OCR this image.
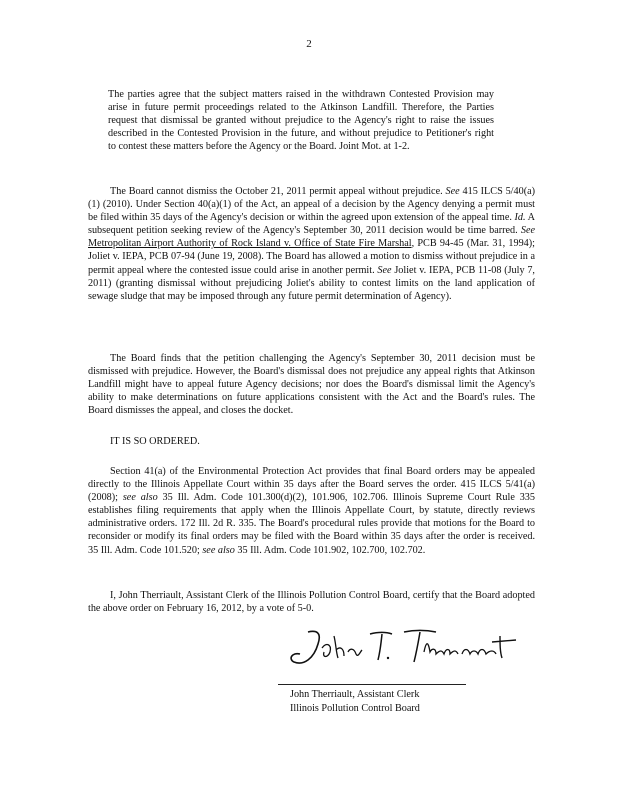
2

The parties agree that the subject matters raised in the withdrawn Contested Provision may arise in future permit proceedings related to the Atkinson Landfill. Therefore, the Parties request that dismissal be granted without prejudice to the Agency's right to raise the issues described in the Contested Provision in the future, and without prejudice to Petitioner's right to contest these matters before the Agency or the Board. Joint Mot. at 1-2.

The Board cannot dismiss the October 21, 2011 permit appeal without prejudice. See 415 ILCS 5/40(a)(1) (2010). Under Section 40(a)(1) of the Act, an appeal of a decision by the Agency denying a permit must be filed within 35 days of the Agency's decision or within the agreed upon extension of the appeal time. Id. A subsequent petition seeking review of the Agency's September 30, 2011 decision would be time barred. See Metropolitan Airport Authority of Rock Island v. Office of State Fire Marshal, PCB 94-45 (Mar. 31, 1994); Joliet v. IEPA, PCB 07-94 (June 19, 2008). The Board has allowed a motion to dismiss without prejudice in a permit appeal where the contested issue could arise in another permit. See Joliet v. IEPA, PCB 11-08 (July 7, 2011) (granting dismissal without prejudicing Joliet's ability to contest limits on the land application of sewage sludge that may be imposed through any future permit determination of Agency).

The Board finds that the petition challenging the Agency's September 30, 2011 decision must be dismissed with prejudice. However, the Board's dismissal does not prejudice any appeal rights that Atkinson Landfill might have to appeal future Agency decisions; nor does the Board's dismissal limit the Agency's ability to make determinations on future applications consistent with the Act and the Board's rules. The Board dismisses the appeal, and closes the docket.

IT IS SO ORDERED.

Section 41(a) of the Environmental Protection Act provides that final Board orders may be appealed directly to the Illinois Appellate Court within 35 days after the Board serves the order. 415 ILCS 5/41(a) (2008); see also 35 Ill. Adm. Code 101.300(d)(2), 101.906, 102.706. Illinois Supreme Court Rule 335 establishes filing requirements that apply when the Illinois Appellate Court, by statute, directly reviews administrative orders. 172 Ill. 2d R. 335. The Board's procedural rules provide that motions for the Board to reconsider or modify its final orders may be filed with the Board within 35 days after the order is received. 35 Ill. Adm. Code 101.520; see also 35 Ill. Adm. Code 101.902, 102.700, 102.702.

I, John Therriault, Assistant Clerk of the Illinois Pollution Control Board, certify that the Board adopted the above order on February 16, 2012, by a vote of 5-0.

John Therriault, Assistant Clerk
Illinois Pollution Control Board
